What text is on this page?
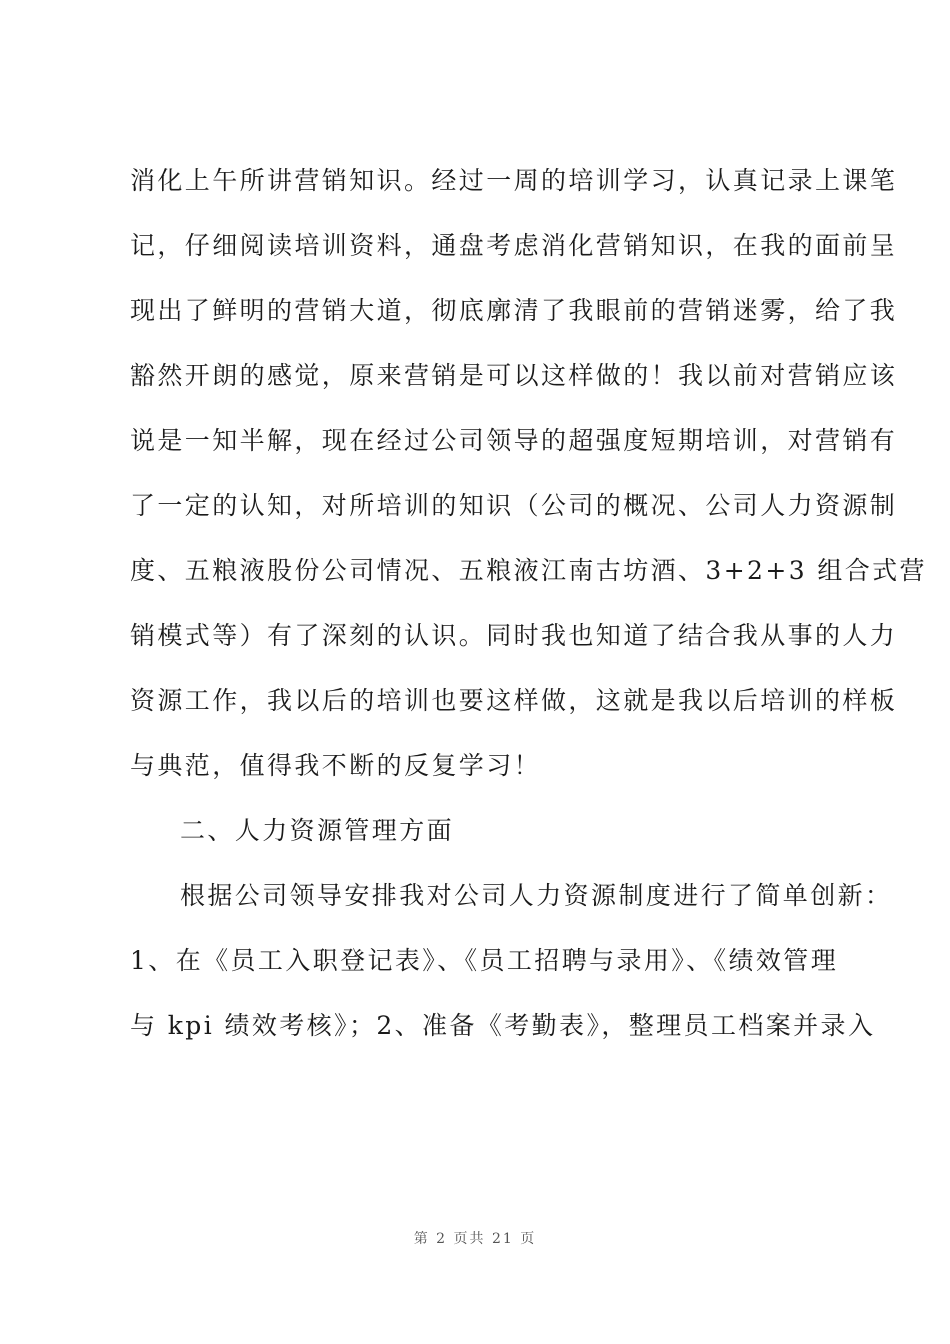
消化上午所讲营销知识。经过一周的培训学习，认真记录上课笔
记，仔细阅读培训资料，通盘考虑消化营销知识，在我的面前呈
现出了鲜明的营销大道，彻底廓清了我眼前的营销迷雾，给了我
豁然开朗的感觉，原来营销是可以这样做的！我以前对营销应该
说是一知半解，现在经过公司领导的超强度短期培训，对营销有
了一定的认知，对所培训的知识（公司的概况、公司人力资源制
度、五粮液股份公司情况、五粮液江南古坊酒、3+2+3 组合式营
销模式等）有了深刻的认识。同时我也知道了结合我从事的人力
资源工作，我以后的培训也要这样做，这就是我以后培训的样板
与典范，值得我不断的反复学习！
二、人力资源管理方面
根据公司领导安排我对公司人力资源制度进行了简单创新：
1、在《员工入职登记表》、《员工招聘与录用》、《绩效管理
与 kpi 绩效考核》；2、准备《考勤表》，整理员工档案并录入
第 2 页共 21 页
